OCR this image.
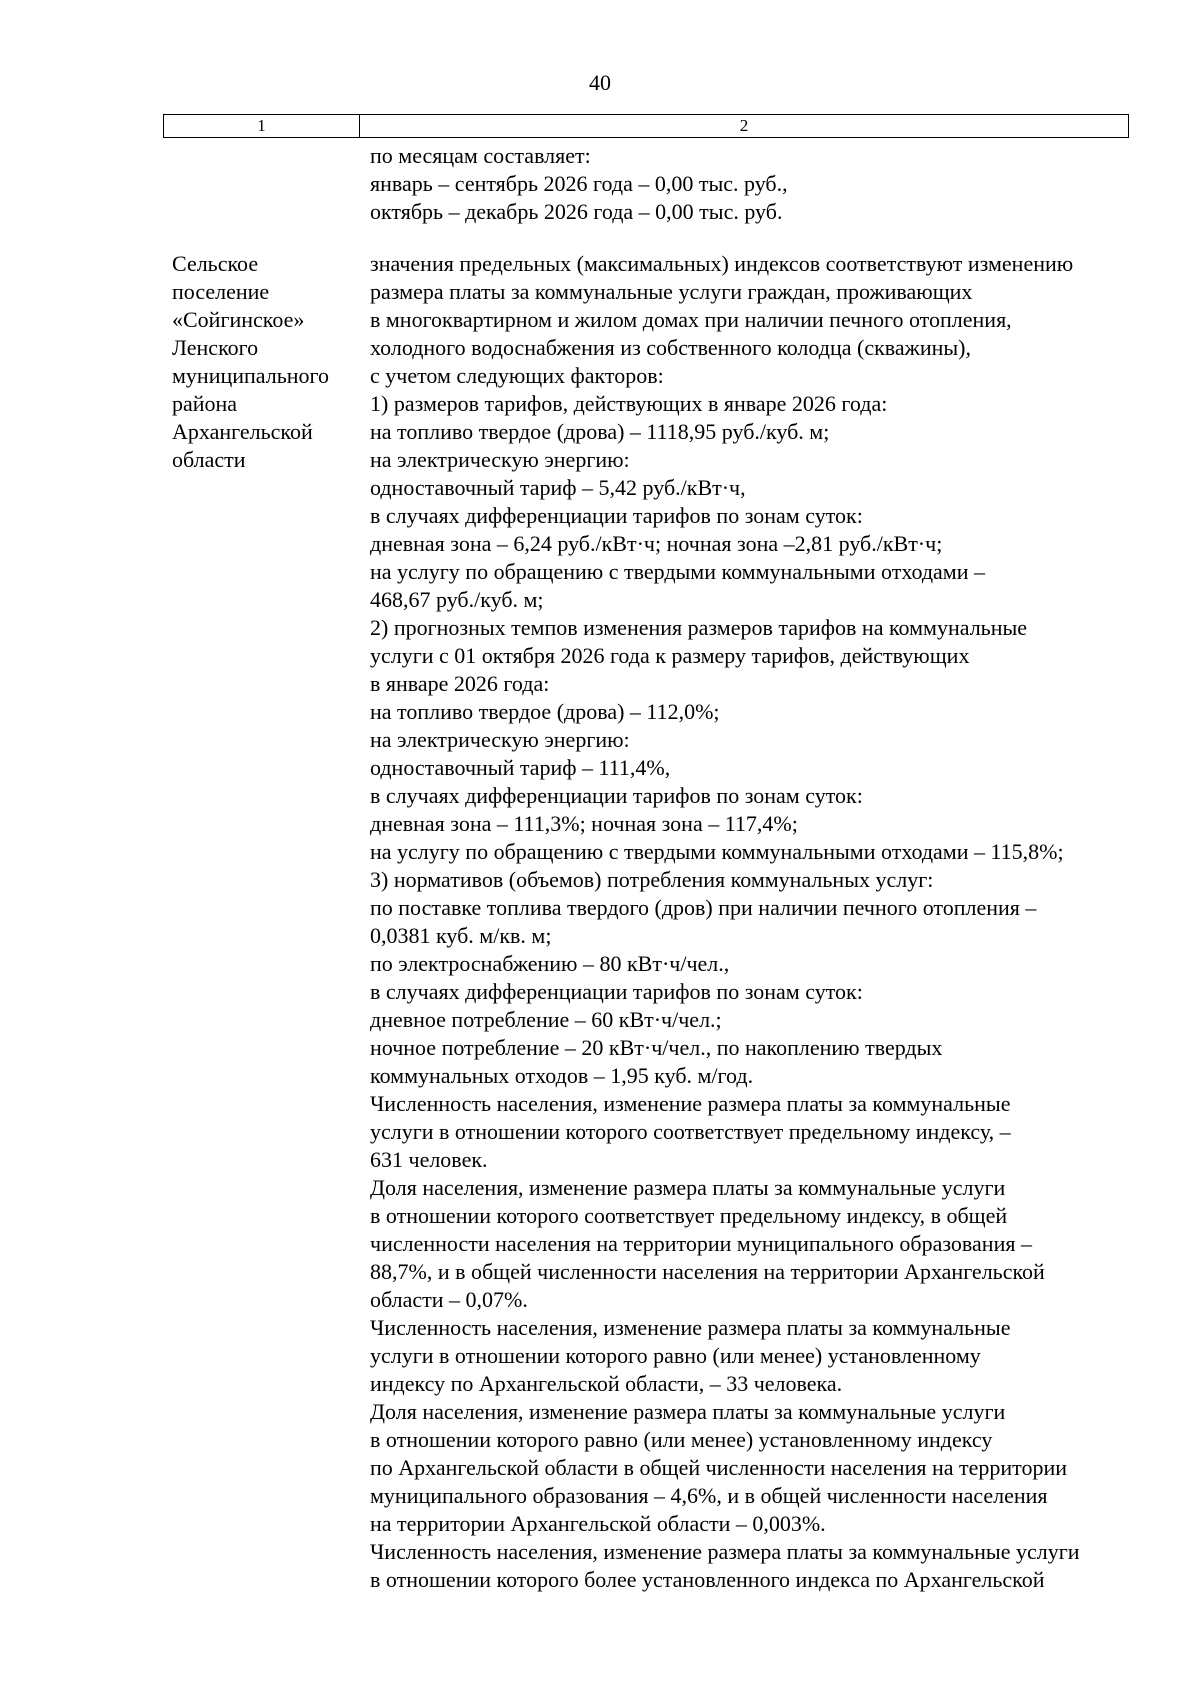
40
1	2
по месяцам составляет:
январь – сентябрь 2026 года – 0,00 тыс. руб.,
октябрь – декабрь 2026 года – 0,00 тыс. руб.
Сельское
поселение
«Сойгинское»
Ленского
муниципального
района
Архангельской
области
значения предельных (максимальных) индексов соответствуют изменению
размера платы за коммунальные услуги граждан, проживающих
в многоквартирном и жилом домах при наличии печного отопления,
холодного водоснабжения из собственного колодца (скважины),
с учетом следующих факторов:
1) размеров тарифов, действующих в январе 2026 года:
на топливо твердое (дрова) – 1118,95 руб./куб. м;
на электрическую энергию:
одноставочный тариф – 5,42 руб./кВт·ч,
в случаях дифференциации тарифов по зонам суток:
дневная зона – 6,24 руб./кВт·ч; ночная зона –2,81 руб./кВт·ч;
на услугу по обращению с твердыми коммунальными отходами –
468,67 руб./куб. м;
2) прогнозных темпов изменения размеров тарифов на коммунальные
услуги с 01 октября 2026 года к размеру тарифов, действующих
в январе 2026 года:
на топливо твердое (дрова) – 112,0%;
на электрическую энергию:
одноставочный тариф – 111,4%,
в случаях дифференциации тарифов по зонам суток:
дневная зона – 111,3%; ночная зона – 117,4%;
на услугу по обращению с твердыми коммунальными отходами – 115,8%;
3) нормативов (объемов) потребления коммунальных услуг:
по поставке топлива твердого (дров) при наличии печного отопления –
0,0381 куб. м/кв. м;
по электроснабжению – 80 кВт·ч/чел.,
в случаях дифференциации тарифов по зонам суток:
дневное потребление – 60 кВт·ч/чел.;
ночное потребление – 20 кВт·ч/чел., по накоплению твердых
коммунальных отходов – 1,95 куб. м/год.
Численность населения, изменение размера платы за коммунальные
услуги в отношении которого соответствует предельному индексу, –
631 человек.
Доля населения, изменение размера платы за коммунальные услуги
в отношении которого соответствует предельному индексу, в общей
численности населения на территории муниципального образования –
88,7%, и в общей численности населения на территории Архангельской
области – 0,07%.
Численность населения, изменение размера платы за коммунальные
услуги в отношении которого равно (или менее) установленному
индексу по Архангельской области, – 33 человека.
Доля населения, изменение размера платы за коммунальные услуги
в отношении которого равно (или менее) установленному индексу
по Архангельской области в общей численности населения на территории
муниципального образования – 4,6%, и в общей численности населения
на территории Архангельской области – 0,003%.
Численность населения, изменение размера платы за коммунальные услуги
в отношении которого более установленного индекса по Архангельской
